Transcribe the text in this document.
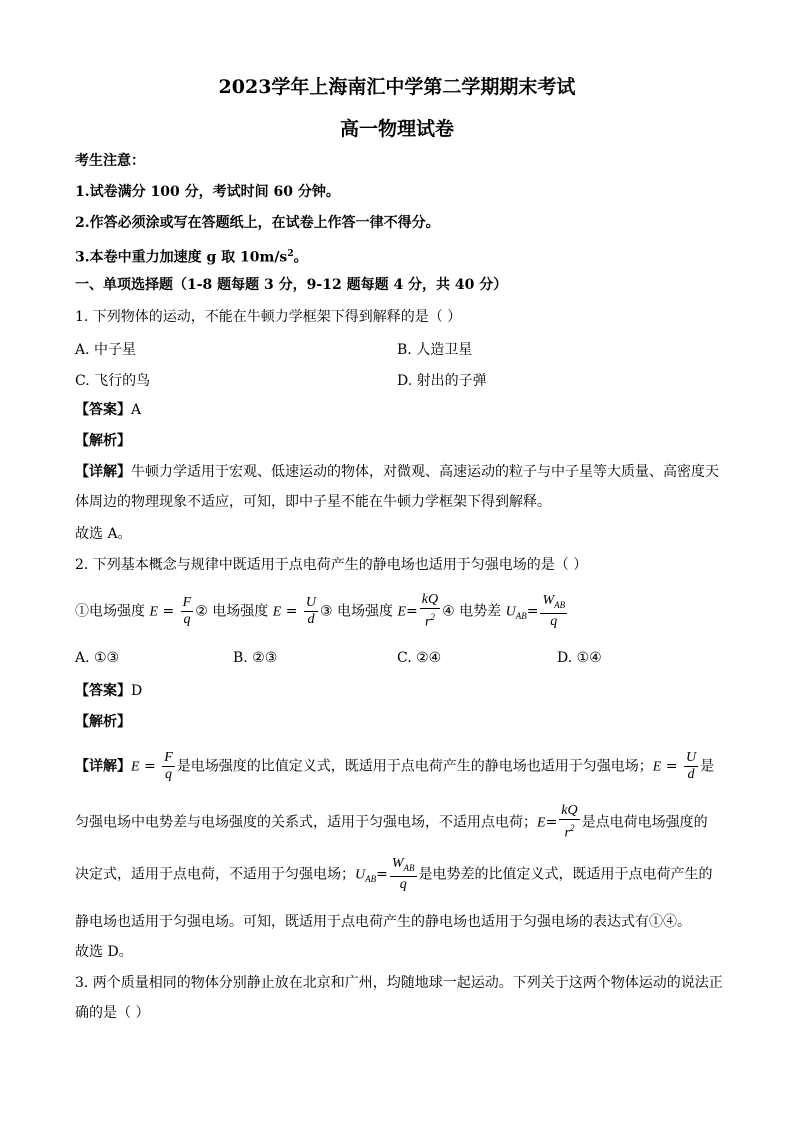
2023学年上海南汇中学第二学期期末考试
高一物理试卷
考生注意：
1.试卷满分 100 分，考试时间 60 分钟。
2.作答必须涂或写在答题纸上，在试卷上作答一律不得分。
3.本卷中重力加速度 g 取 $10m/s^2$。
一、单项选择题（1-8 题每题 3 分，9-12 题每题 4 分，共 40 分）
1. 下列物体的运动，不能在牛顿力学框架下得到解释的是（ ）
A. 中子星	B. 人造卫星
C. 飞行的鸟	D. 射出的子弹
【答案】A
【解析】
【详解】牛顿力学适用于宏观、低速运动的物体，对微观、高速运动的粒子与中子星等大质量、高密度天体周边的物理现象不适应，可知，即中子星不能在牛顿力学框架下得到解释。
故选 A。
2. 下列基本概念与规律中既适用于点电荷产生的静电场也适用于匀强电场的是（ ）
①电场强度 $E = \frac{F}{q}$ ② 电场强度 $E = \frac{U}{d}$ ③ 电场强度 $E= \frac{kQ}{r^2}$ ④ 电势差 $U_{AB}= \frac{W_{AB}}{q}$
A. ①③	B. ②③	C. ②④	D. ①④
【答案】D
【解析】
【详解】$E = \frac{F}{q}$ 是电场强度的比值定义式，既适用于点电荷产生的静电场也适用于匀强电场；$E = \frac{U}{d}$ 是
匀强电场中电势差与电场强度的关系式，适用于匀强电场，不适用点电荷；$E= \frac{kQ}{r^2}$ 是点电荷电场强度的
决定式，适用于点电荷，不适用于匀强电场；$U_{AB}= \frac{W_{AB}}{q}$ 是电势差的比值定义式，既适用于点电荷产生的
静电场也适用于匀强电场。可知，既适用于点电荷产生的静电场也适用于匀强电场的表达式有①④。
故选 D。
3. 两个质量相同的物体分别静止放在北京和广州，均随地球一起运动。下列关于这两个物体运动的说法正
确的是（ ）
